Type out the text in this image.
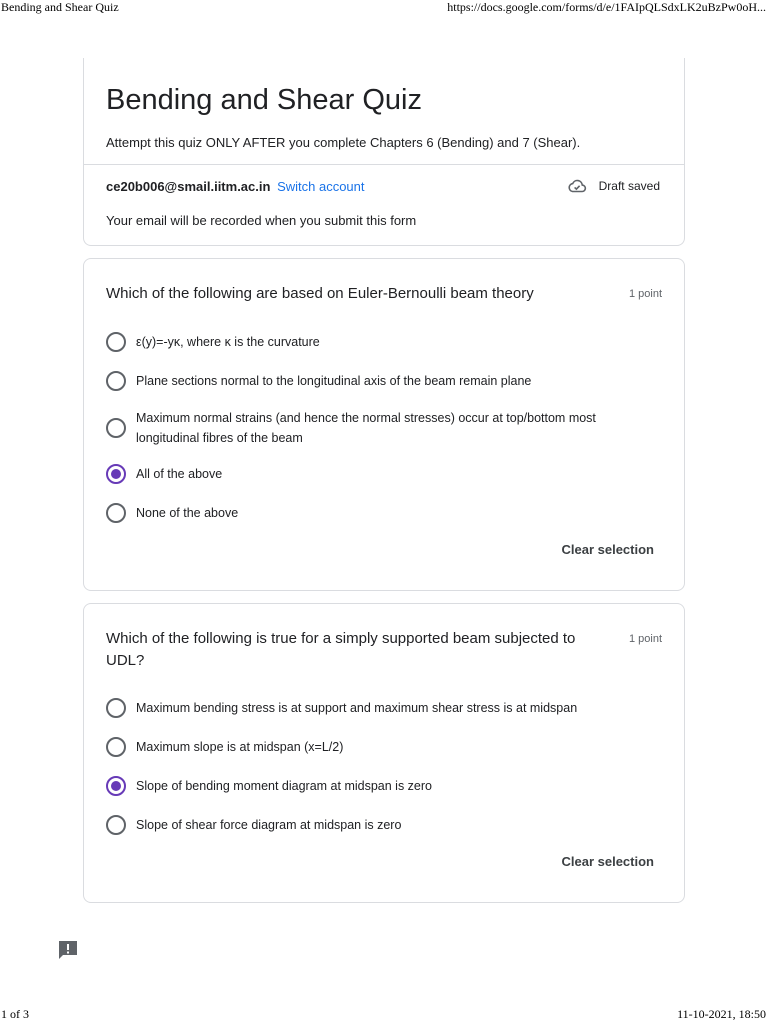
Bending and Shear Quiz	https://docs.google.com/forms/d/e/1FAIpQLSdxLK2uBzPw0oH...
Bending and Shear Quiz
Attempt this quiz ONLY AFTER you complete Chapters 6 (Bending) and 7 (Shear).
ce20b006@smail.iitm.ac.in Switch account	Draft saved
Your email will be recorded when you submit this form
Which of the following are based on Euler-Bernoulli beam theory	1 point
ε(y)=-yκ, where κ is the curvature
Plane sections normal to the longitudinal axis of the beam remain plane
Maximum normal strains (and hence the normal stresses) occur at top/bottom most longitudinal fibres of the beam
All of the above
None of the above
Clear selection
Which of the following is true for a simply supported beam subjected to UDL?
1 point
Maximum bending stress is at support and maximum shear stress is at midspan
Maximum slope is at midspan (x=L/2)
Slope of bending moment diagram at midspan is zero
Slope of shear force diagram at midspan is zero
Clear selection
1 of 3	11-10-2021, 18:50
